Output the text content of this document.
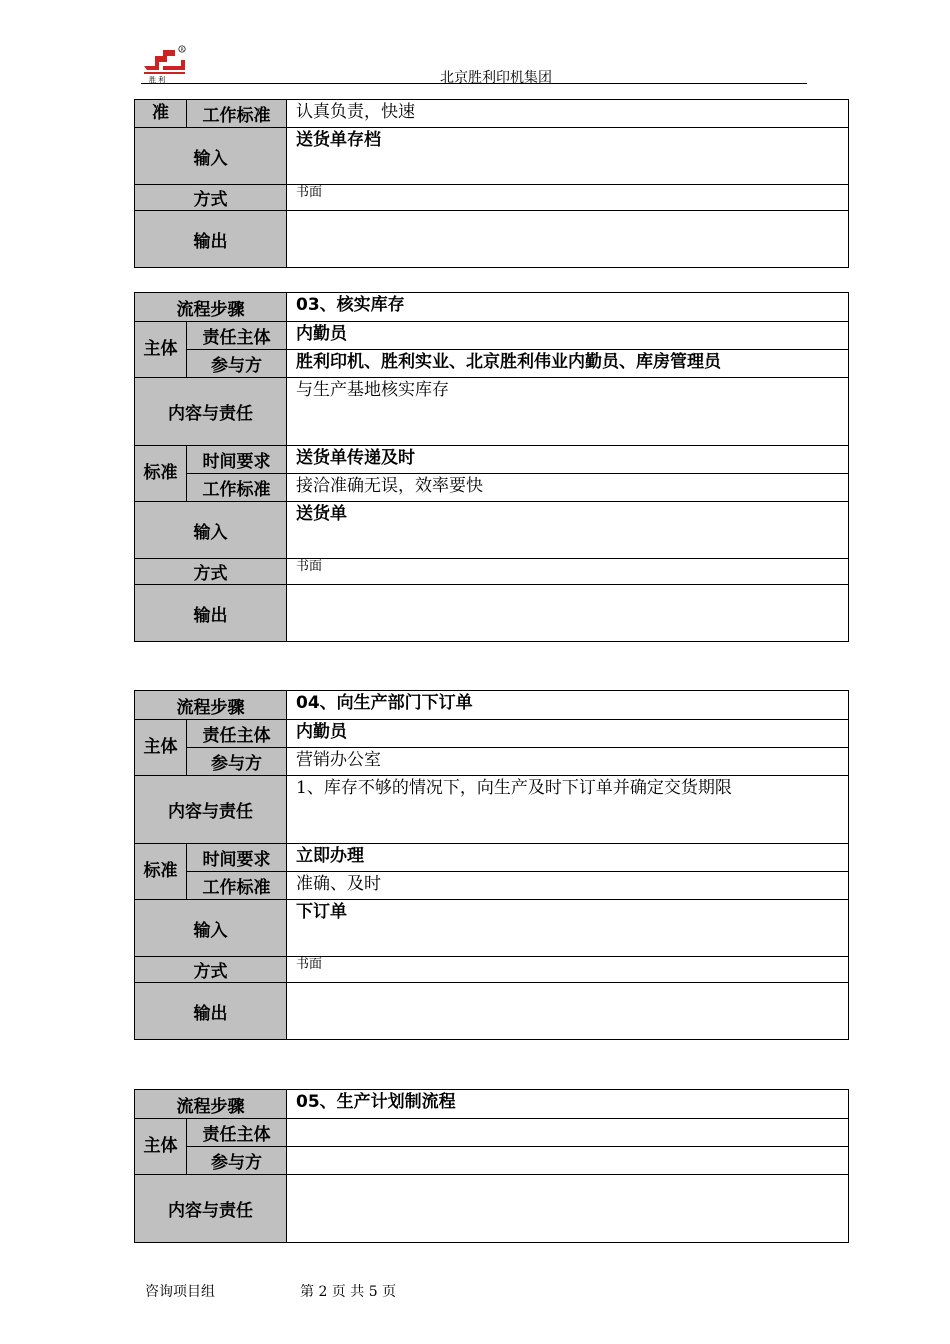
R
胜 利	北京胜利印机集团
准	工作标准	认真负责，快速
输入		送货单存档
方式		书面
输出		
流程步骤		03、核实库存
主体	责任主体	内勤员
	参与方	胜利印机、胜利实业、北京胜利伟业内勤员、库房管理员
内容与责任		与生产基地核实库存
标准	时间要求	送货单传递及时
	工作标准	接洽准确无误，效率要快
输入		送货单
方式		书面
输出		
流程步骤		04、向生产部门下订单
主体	责任主体	内勤员
	参与方	营销办公室
内容与责任		1、库存不够的情况下，向生产及时下订单并确定交货期限
标准	时间要求	立即办理
	工作标准	准确、及时
输入		下订单
方式		书面
输出		
流程步骤		05、生产计划制流程
主体	责任主体	
	参与方	
内容与责任		
咨询项目组	第 2 页 共 5 页
